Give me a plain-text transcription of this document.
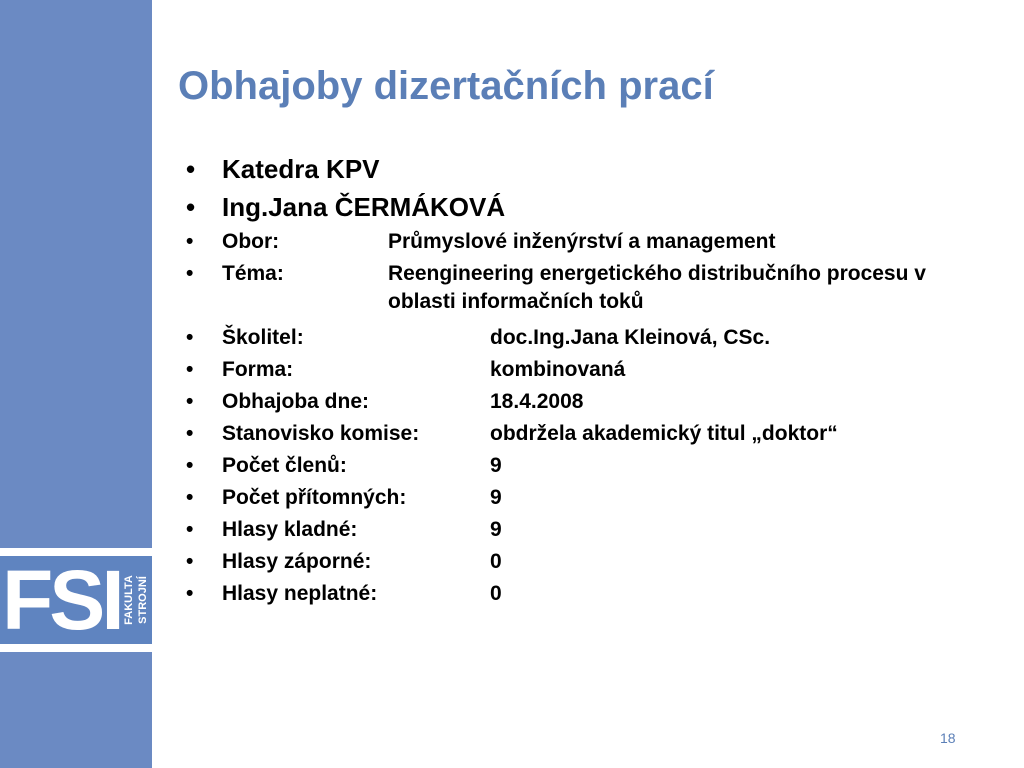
FSI FAKULTA STROJNÍ
Obhajoby dizertačních prací
• Katedra KPV
• Ing.Jana ČERMÁKOVÁ
• Obor:	Průmyslové inženýrství a management
• Téma:	Reengineering energetického distribučního procesu v oblasti informačních toků
• Školitel:	doc.Ing.Jana Kleinová, CSc.
• Forma:	kombinovaná
• Obhajoba dne:	18.4.2008
• Stanovisko komise:	obdržela akademický titul „doktor“
• Počet členů:	9
• Počet přítomných:	9
• Hlasy kladné:	9
• Hlasy záporné:	0
• Hlasy neplatné:	0
18
